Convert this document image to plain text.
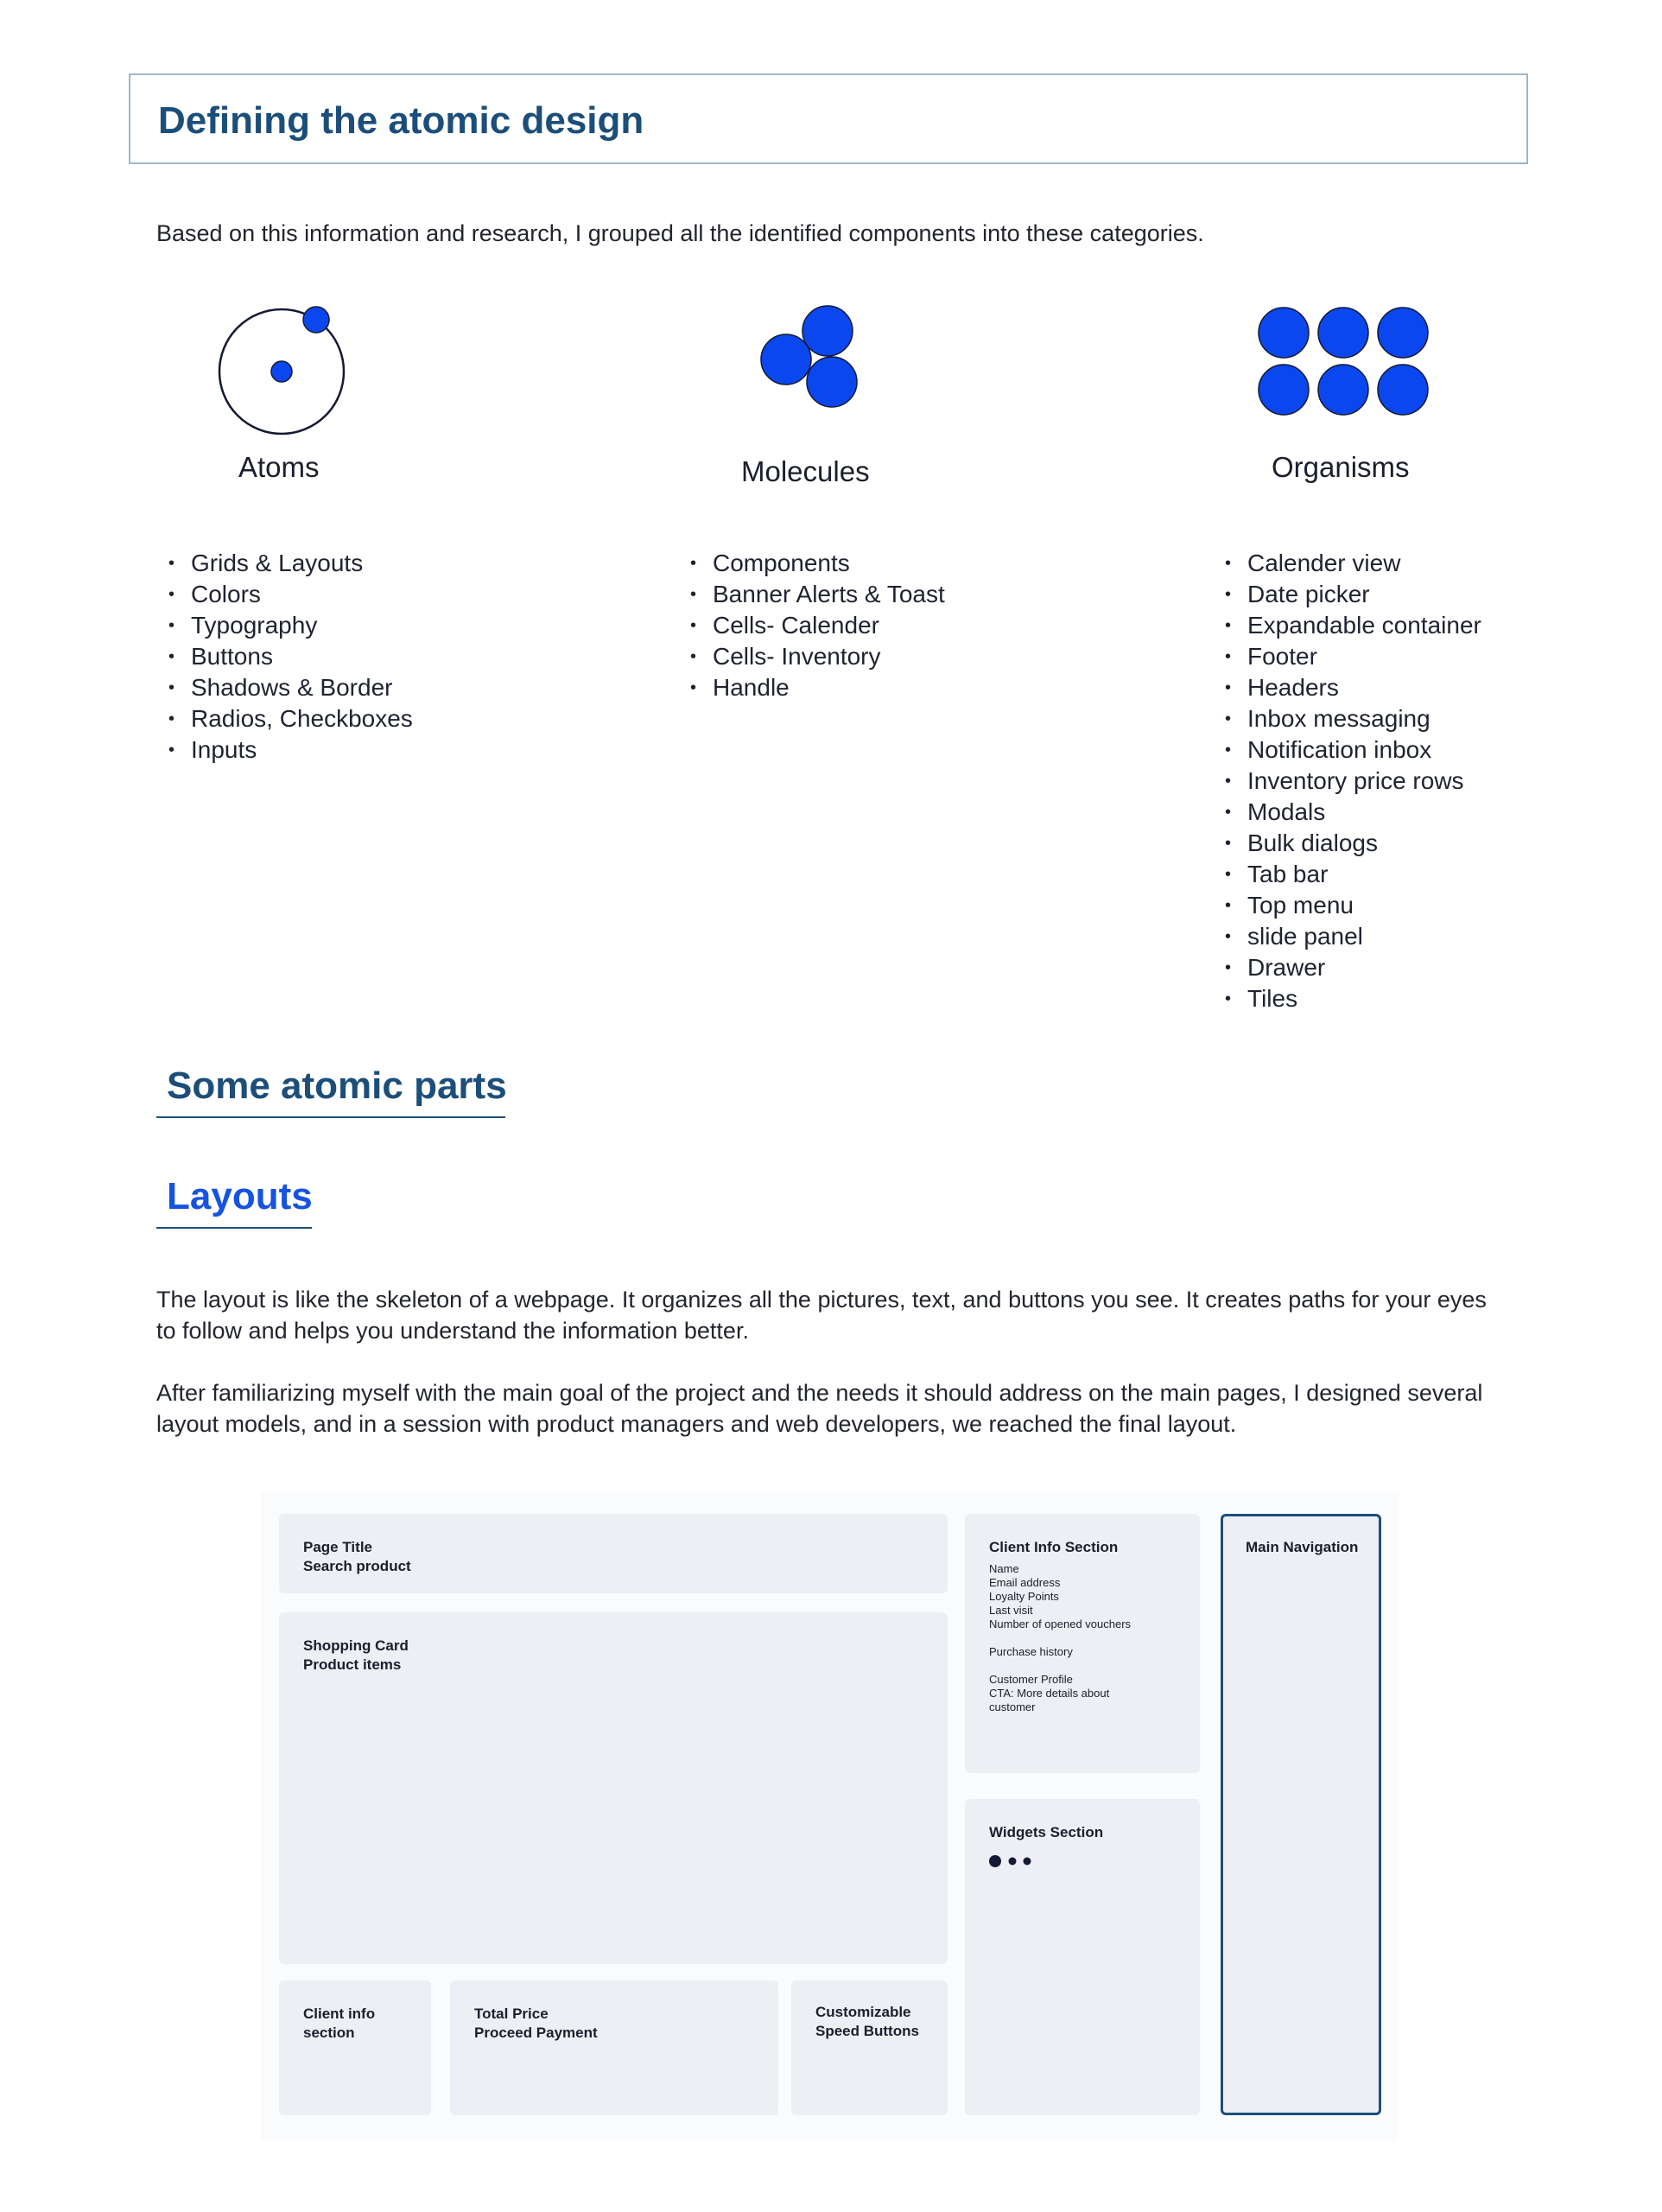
Defining the atomic design
Based on this information and research, I grouped all the identified components into these categories.
Atoms	Molecules	Organisms
• Grids & Layouts
• Colors
• Typography
• Buttons
• Shadows & Border
• Radios, Checkboxes
• Inputs
• Components
• Banner Alerts & Toast
• Cells- Calender
• Cells- Inventory
• Handle
• Calender view
• Date picker
• Expandable container
• Footer
• Headers
• Inbox messaging
• Notification inbox
• Inventory price rows
• Modals
• Bulk dialogs
• Tab bar
• Top menu
• slide panel
• Drawer
• Tiles
Some atomic parts
Layouts
The layout is like the skeleton of a webpage. It organizes all the pictures, text, and buttons you see. It creates paths for your eyes to follow and helps you understand the information better.
After familiarizing myself with the main goal of the project and the needs it should address on the main pages, I designed several layout models, and in a session with product managers and web developers, we reached the final layout.
Page Title
Search product
Shopping Card
Product items
Client info
section
Total Price
Proceed Payment
Customizable
Speed Buttons
Client Info Section
Name
Email address
Loyalty Points
Last visit
Number of opened vouchers
Purchase history
Customer Profile
CTA: More details about
customer
Widgets Section
Main Navigation
